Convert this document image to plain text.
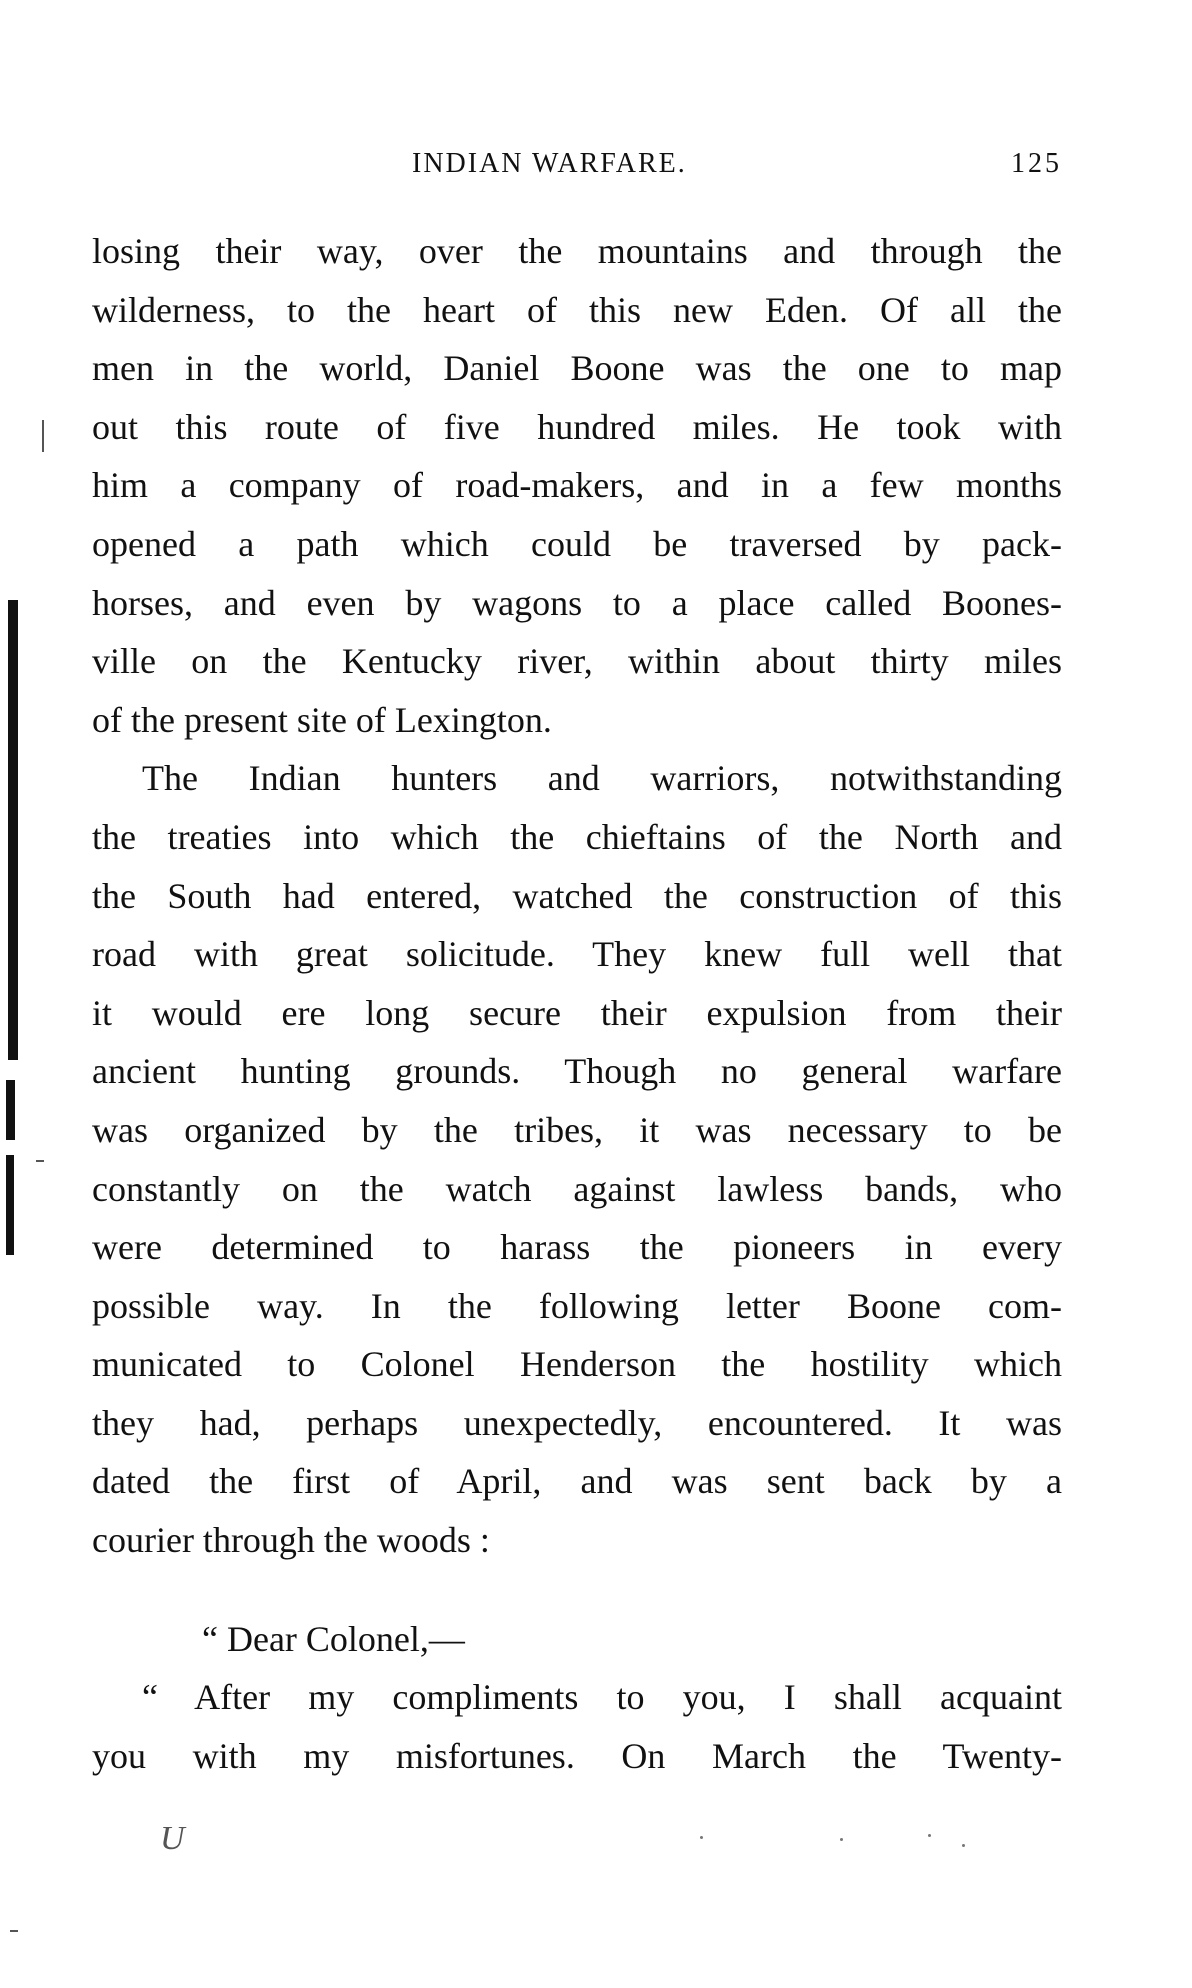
INDIAN WARFARE.	125
losing their way, over the mountains and through the
wilderness, to the heart of this new Eden. Of all the
men in the world, Daniel Boone was the one to map
out this route of five hundred miles. He took with
him a company of road-makers, and in a few months
opened a path which could be traversed by pack-
horses, and even by wagons to a place called Boones-
ville on the Kentucky river, within about thirty miles
of the present site of Lexington.
The Indian hunters and warriors, notwithstanding
the treaties into which the chieftains of the North and
the South had entered, watched the construction of this
road with great solicitude. They knew full well that
it would ere long secure their expulsion from their
ancient hunting grounds. Though no general warfare
was organized by the tribes, it was necessary to be
constantly on the watch against lawless bands, who
were determined to harass the pioneers in every
possible way. In the following letter Boone com-
municated to Colonel Henderson the hostility which
they had, perhaps unexpectedly, encountered. It was
dated the first of April, and was sent back by a
courier through the woods :
“ Dear Colonel,—
“ After my compliments to you, I shall acquaint
you with my misfortunes. On March the Twenty-
U
